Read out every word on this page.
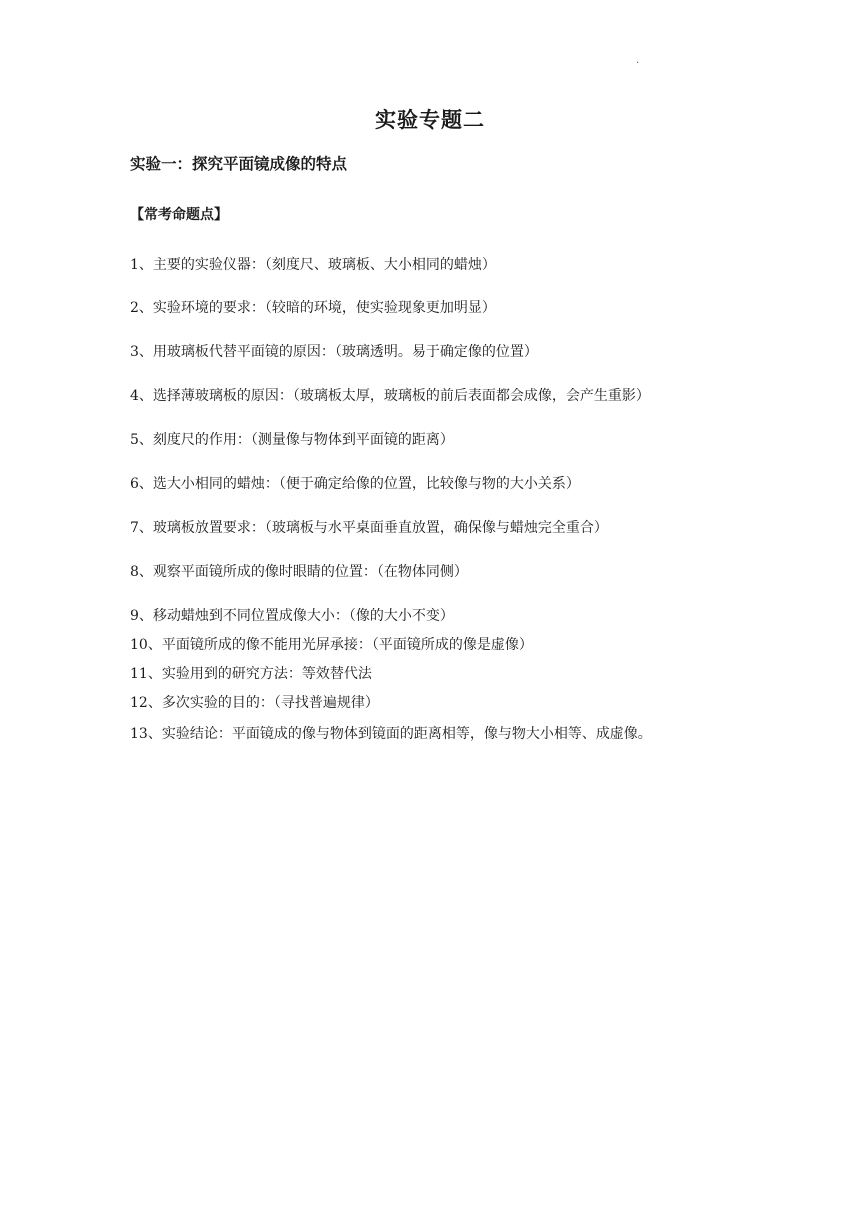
.
实验专题二
实验一：探究平面镜成像的特点
【常考命题点】
1、主要的实验仪器：（刻度尺、玻璃板、大小相同的蜡烛）
2、实验环境的要求：（较暗的环境，使实验现象更加明显）
3、用玻璃板代替平面镜的原因：（玻璃透明。易于确定像的位置）
4、选择薄玻璃板的原因：（玻璃板太厚，玻璃板的前后表面都会成像，会产生重影）
5、刻度尺的作用：（测量像与物体到平面镜的距离）
6、选大小相同的蜡烛：（便于确定给像的位置，比较像与物的大小关系）
7、玻璃板放置要求：（玻璃板与水平桌面垂直放置，确保像与蜡烛完全重合）
8、观察平面镜所成的像时眼睛的位置：（在物体同侧）
9、移动蜡烛到不同位置成像大小：（像的大小不变）
10、平面镜所成的像不能用光屏承接：（平面镜所成的像是虚像）
11、实验用到的研究方法：等效替代法
12、多次实验的目的：（寻找普遍规律）
13、实验结论：平面镜成的像与物体到镜面的距离相等，像与物大小相等、成虚像。
